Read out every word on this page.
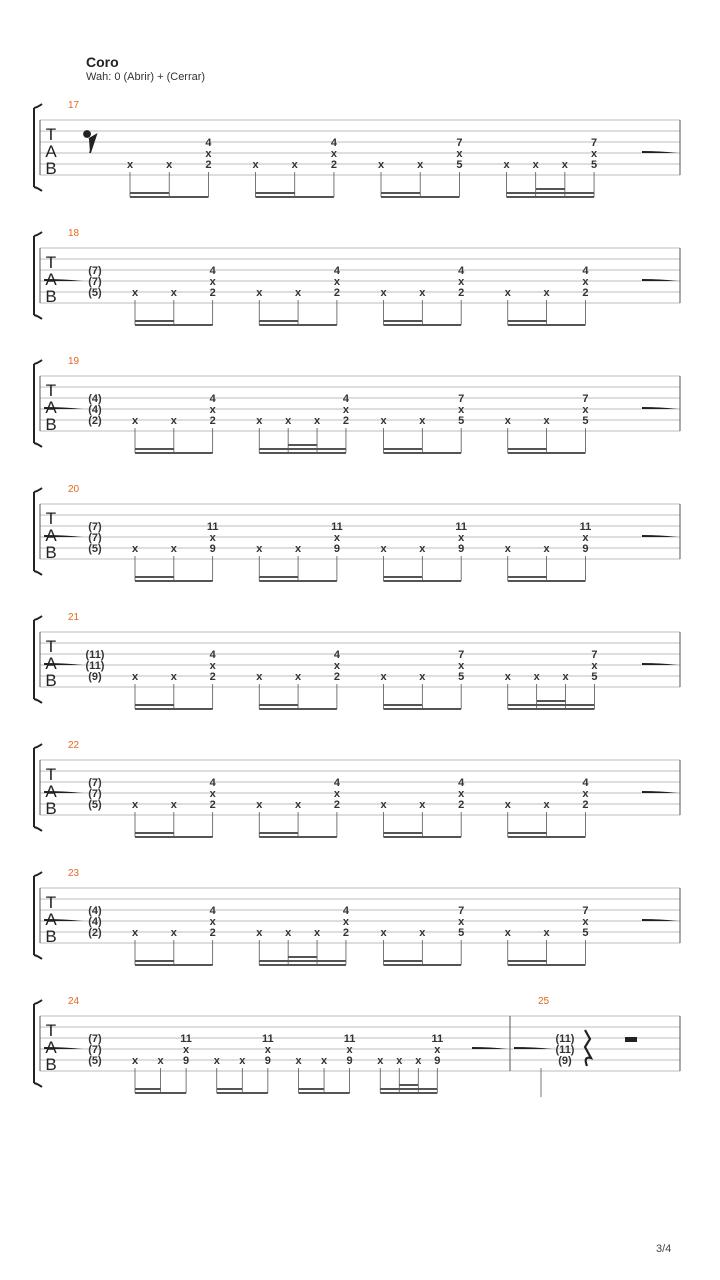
Coro
Wah: 0 (Abrir) + (Cerrar)
T
A
B
17
x	x	2
4
x
x	x	2
4
x
x	x	5
7
x
x x x 5
7
x
T
B
18
(7)
(7)
(5)	x	x	2
4
x
x	x	2
4
x
x	x	2
4
x
x	x	2
4
x
T
B
19
(4)
(4)
(2)	x	x	2
4
x
x x x 2
4
x
x	x	5
7
x
x	x	5
7
x
T
B
20
(7)
(7)
(5)	x	x	9
11
x
x	x	9
11
x
x	x	9
11
x
x	x	9
11
x
T
B
21
(11)
(11)
(9)	x	x	2
4
x
x	x	2
4
x
x	x	5
7
x
x x x 5
7
x
T
B
22
(7)
(7)
(5)	x	x	2
4
x
x	x	2
4
x
x	x	2
4
x
x	x	2
4
x
T
B
23
(4)
(4)
(2)	x	x	2
4
x
x x x 2
4
x
x	x	5
7
x
x	x	5
7
x
T
B
24
(7)
(7)
(5)	x x 9
11
x
x x 9
11
x
x x 9
11
x
x x x 9
11
x
25
(11)
(11)
(9)
3/4
